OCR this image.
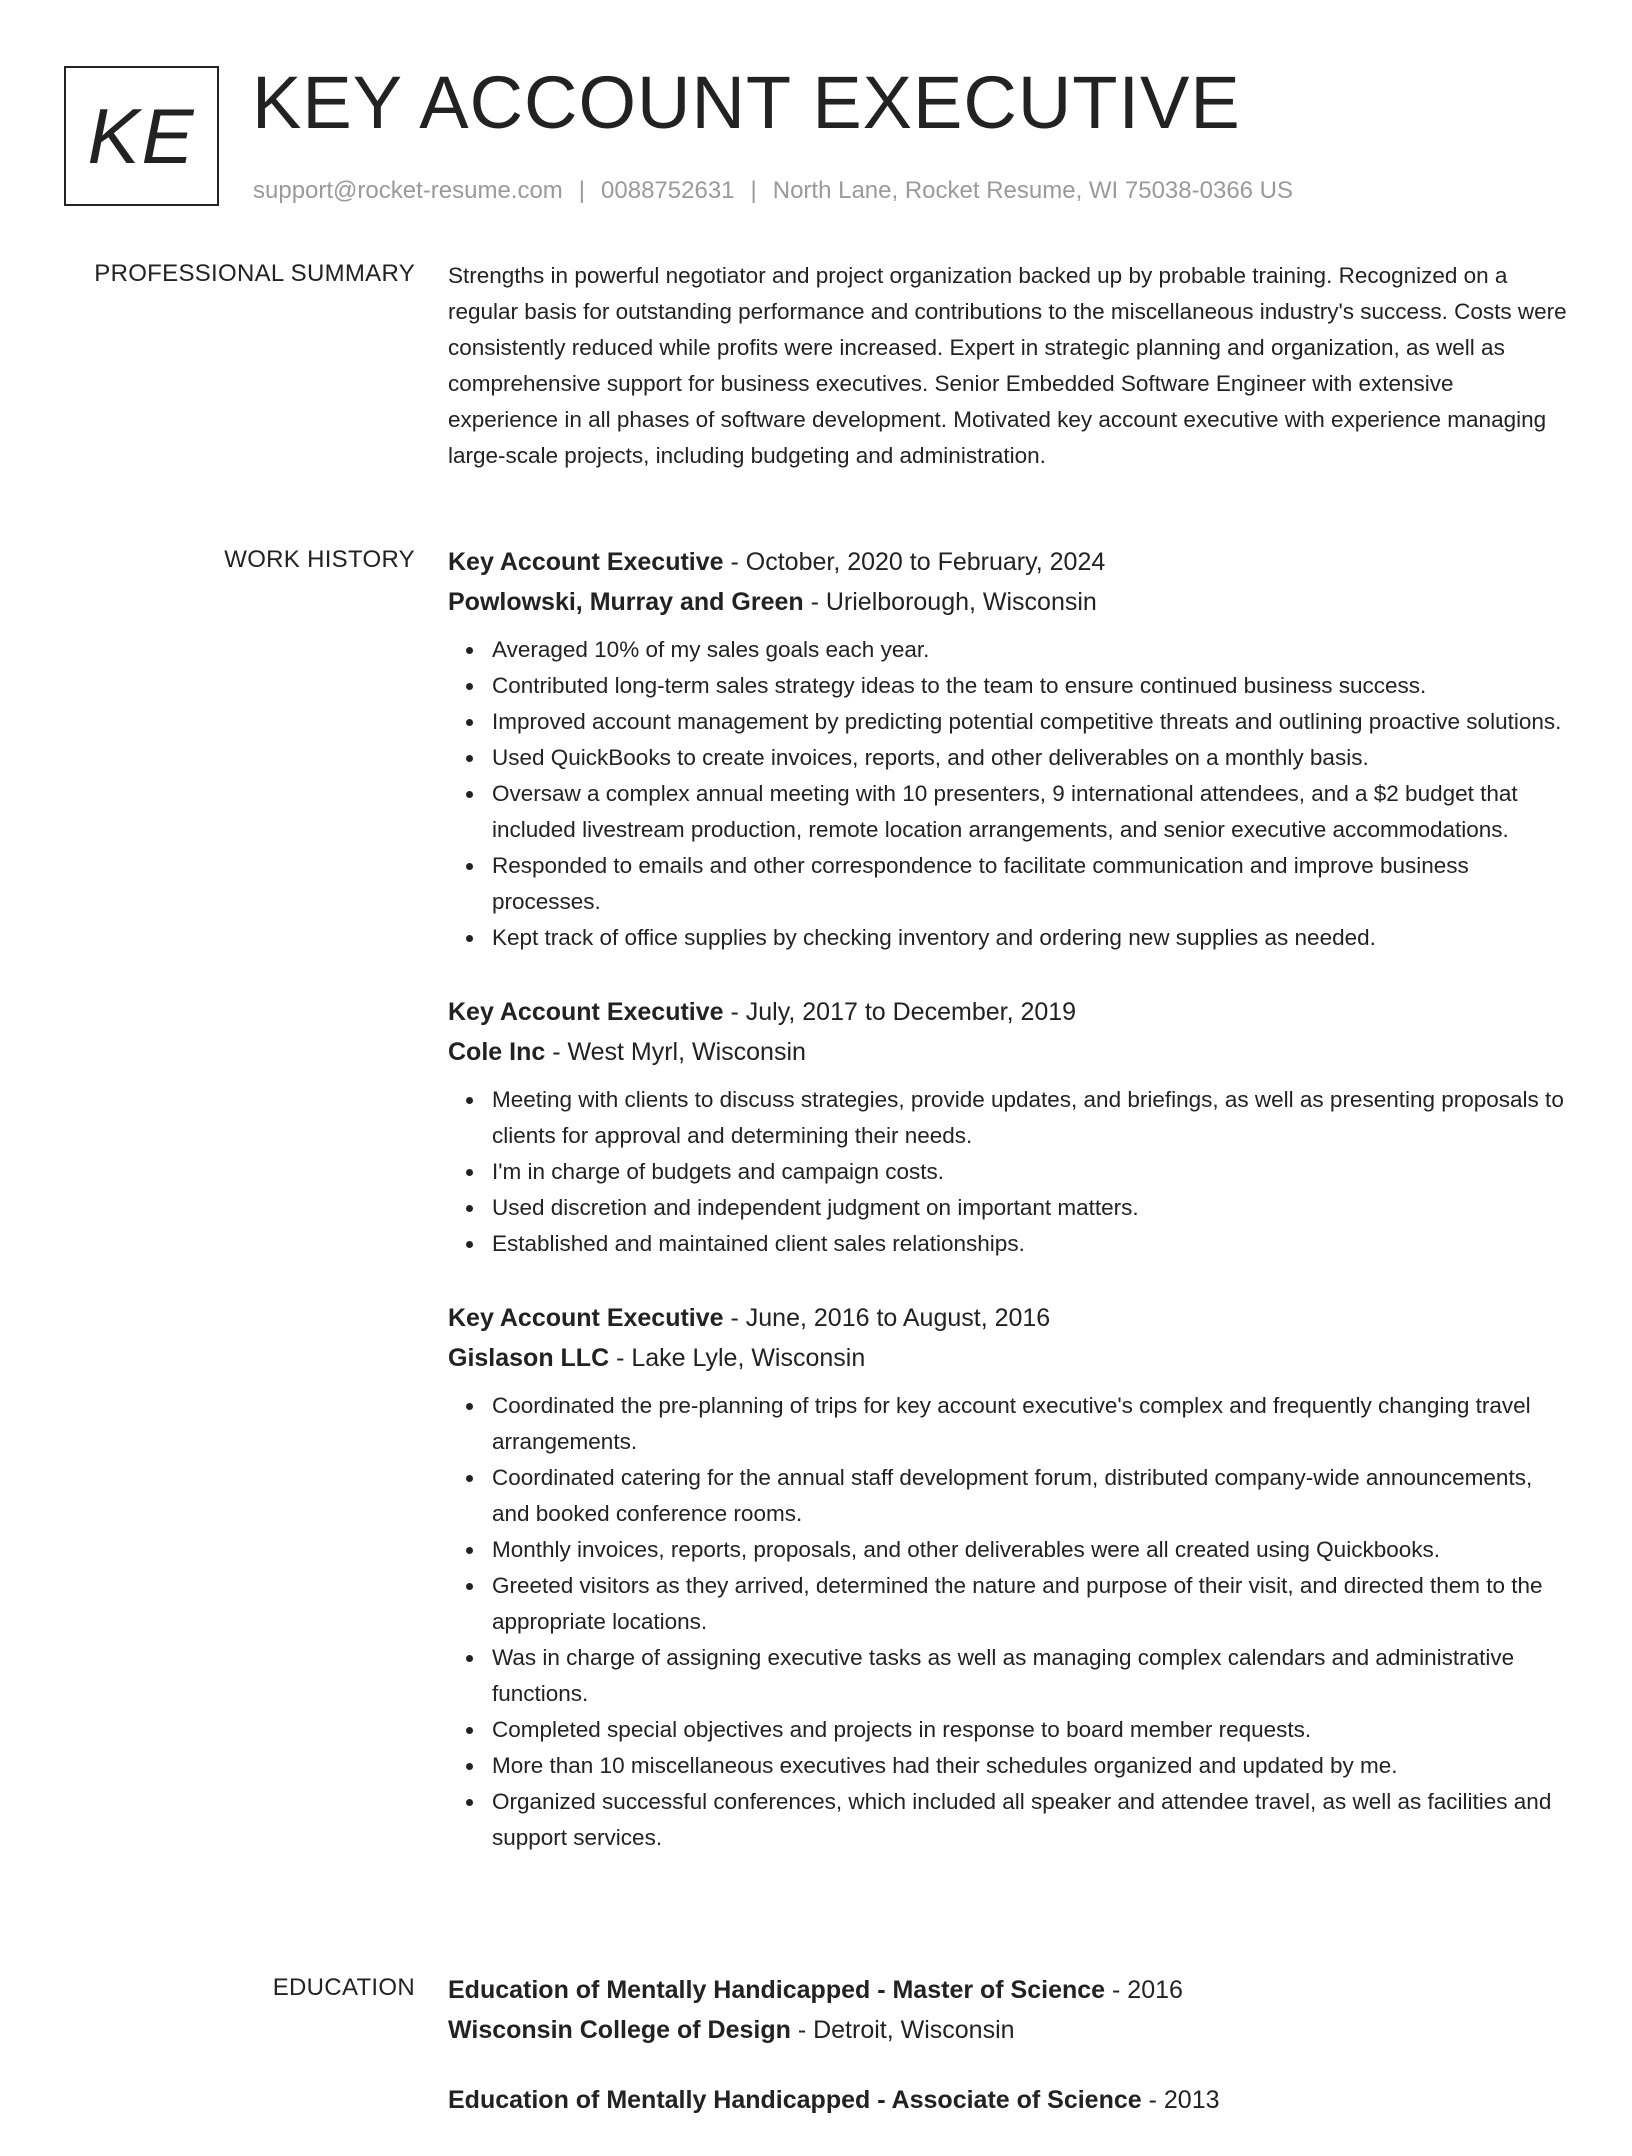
KE KEY ACCOUNT EXECUTIVE
support@rocket-resume.com | 0088752631 | North Lane, Rocket Resume, WI 75038-0366 US
PROFESSIONAL SUMMARY Strengths in powerful negotiator and project organization backed up by probable training. Recognized on a regular basis for outstanding performance and contributions to the miscellaneous industry's success. Costs were consistently reduced while profits were increased. Expert in strategic planning and organization, as well as comprehensive support for business executives. Senior Embedded Software Engineer with extensive experience in all phases of software development. Motivated key account executive with experience managing large-scale projects, including budgeting and administration.

WORK HISTORY Key Account Executive - October, 2020 to February, 2024
Powlowski, Murray and Green - Urielborough, Wisconsin
Averaged 10% of my sales goals each year.
Contributed long-term sales strategy ideas to the team to ensure continued business success.
Improved account management by predicting potential competitive threats and outlining proactive solutions.
Used QuickBooks to create invoices, reports, and other deliverables on a monthly basis.
Oversaw a complex annual meeting with 10 presenters, 9 international attendees, and a $2 budget that included livestream production, remote location arrangements, and senior executive accommodations.
Responded to emails and other correspondence to facilitate communication and improve business processes.
Kept track of office supplies by checking inventory and ordering new supplies as needed.
Key Account Executive - July, 2017 to December, 2019
Cole Inc - West Myrl, Wisconsin
Meeting with clients to discuss strategies, provide updates, and briefings, as well as presenting proposals to clients for approval and determining their needs.
I'm in charge of budgets and campaign costs.
Used discretion and independent judgment on important matters.
Established and maintained client sales relationships.
Key Account Executive - June, 2016 to August, 2016
Gislason LLC - Lake Lyle, Wisconsin
Coordinated the pre-planning of trips for key account executive's complex and frequently changing travel arrangements.
Coordinated catering for the annual staff development forum, distributed company-wide announcements, and booked conference rooms.
Monthly invoices, reports, proposals, and other deliverables were all created using Quickbooks.
Greeted visitors as they arrived, determined the nature and purpose of their visit, and directed them to the appropriate locations.
Was in charge of assigning executive tasks as well as managing complex calendars and administrative functions.
Completed special objectives and projects in response to board member requests.
More than 10 miscellaneous executives had their schedules organized and updated by me.
Organized successful conferences, which included all speaker and attendee travel, as well as facilities and support services.
EDUCATION Education of Mentally Handicapped - Master of Science - 2016
Wisconsin College of Design - Detroit, Wisconsin
Education of Mentally Handicapped - Associate of Science - 2013
